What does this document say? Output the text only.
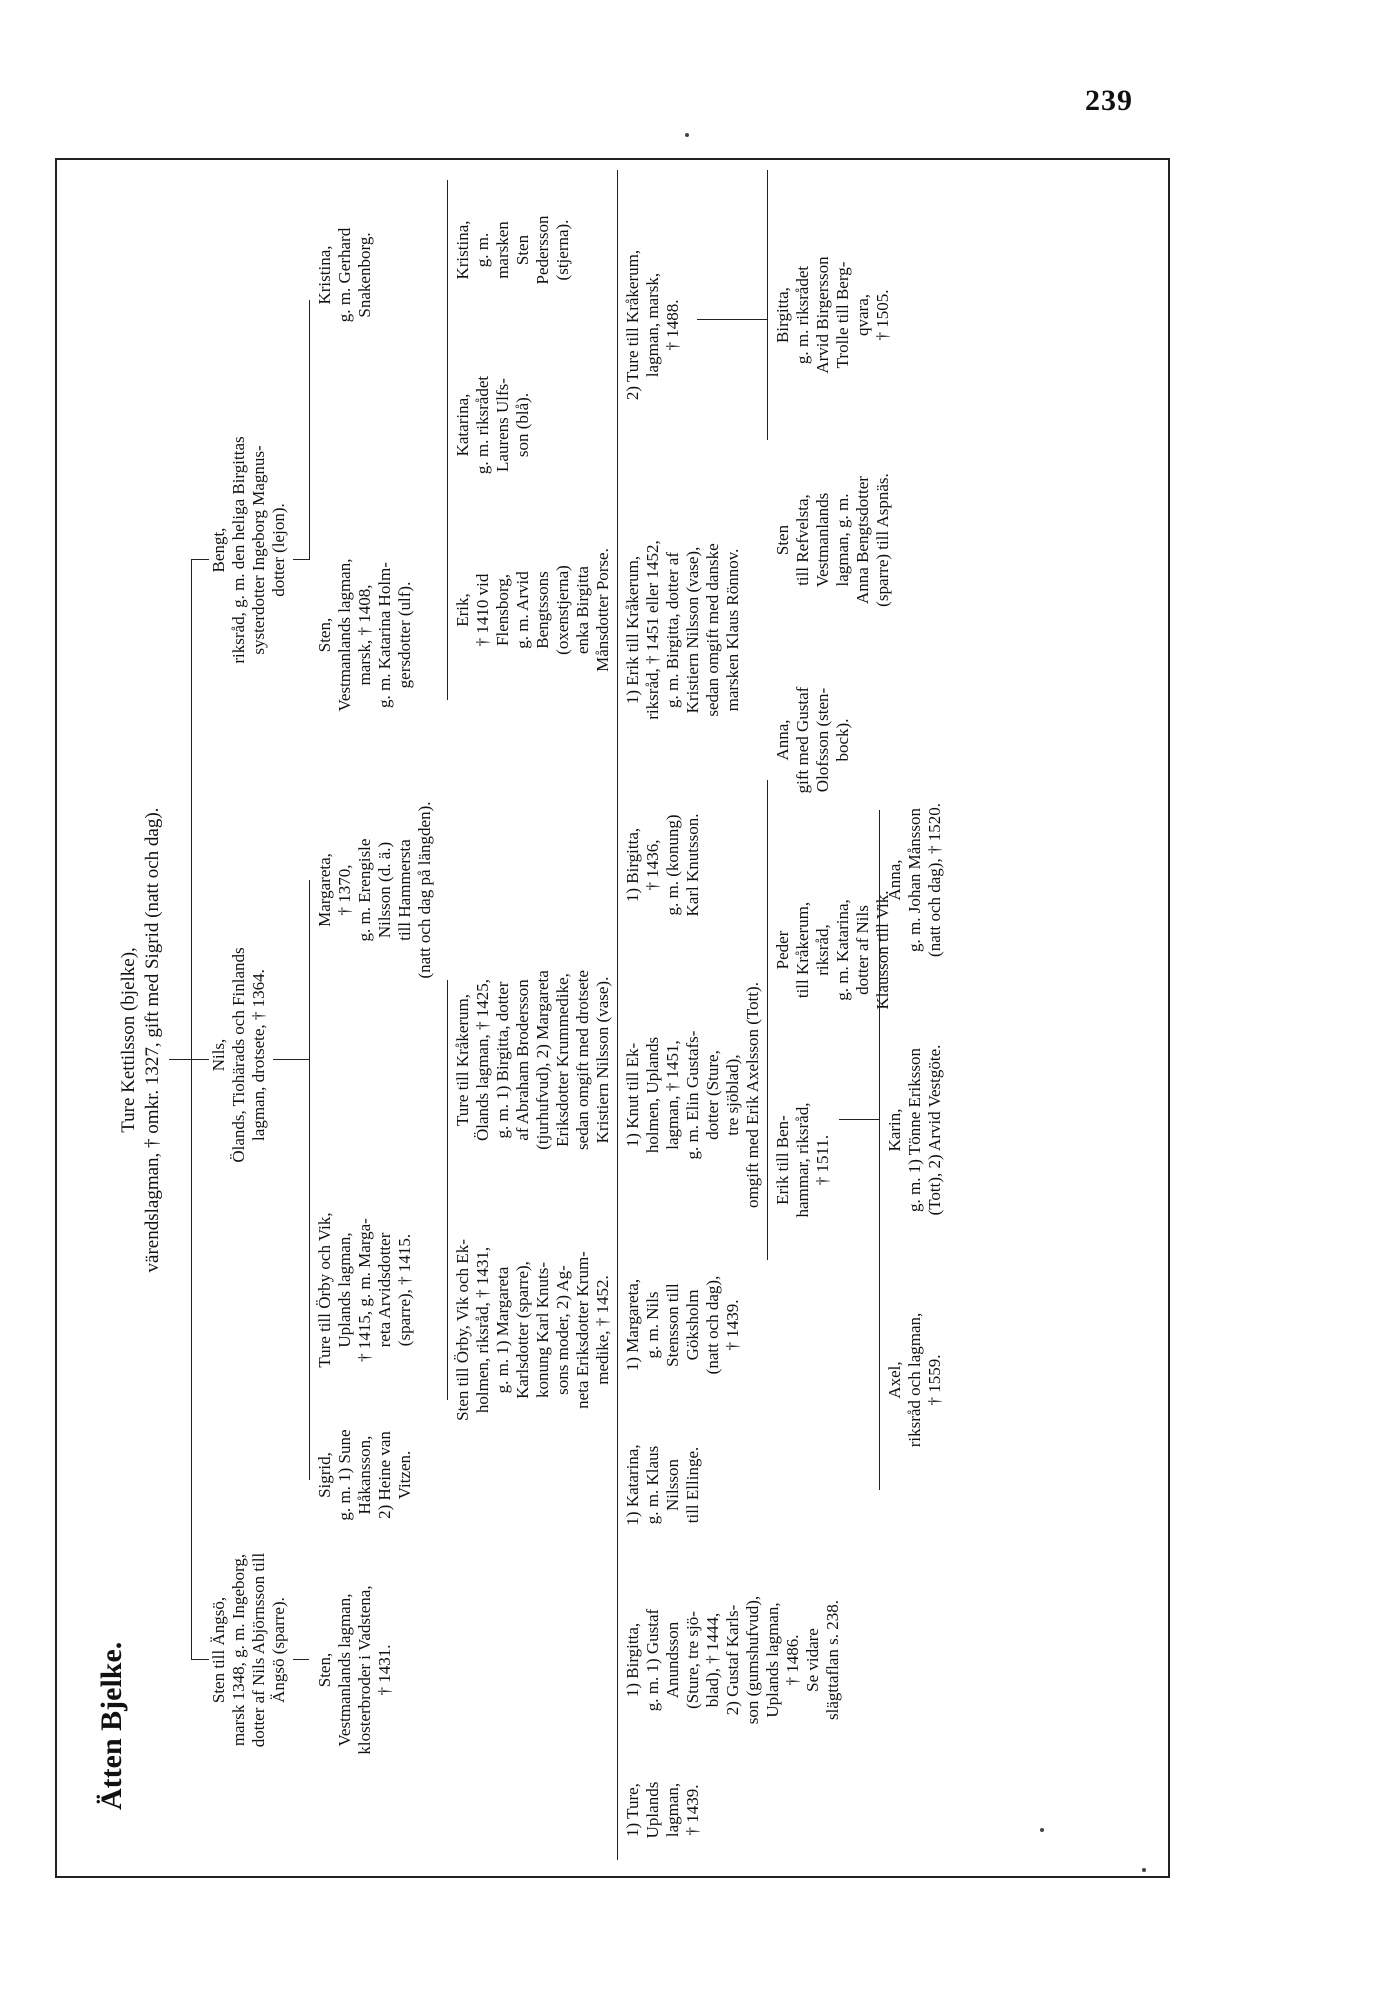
239
Ätten Bjelke.
Ture Kettilsson (bjelke),
värendslagman, † omkr. 1327, gift med Sigrid (natt och dag).
Sten till Ängsö,
marsk 1348, g. m. Ingeborg,
dotter af Nils Abjörnsson till
Ängsö (sparre).
Nils,
Ölands, Tiohärads och Finlands
lagman, drotsete, † 1364.
Bengt,
riksråd, g. m. den heliga Birgittas
systerdotter Ingeborg Magnus-
dotter (lejon).
Sten,
Vestmanlands lagman,
klosterbroder i Vadstena,
† 1431.
Sigrid,
g. m. 1) Sune
Håkansson,
2) Heine van
Vitzen.
Ture till Örby och Vik,
Uplands lagman,
† 1415, g. m. Marga-
reta Arvidsdotter
(sparre), † 1415.
Margareta,
† 1370,
g. m. Erengisle
Nilsson (d. ä.)
till Hammersta
(natt och dag på längden).
Sten,
Vestmanlands lagman,
marsk, † 1408,
g. m. Katarina Holm-
gersdotter (ulf).
Kristina,
g. m. Gerhard
Snakenborg.
Sten till Örby, Vik och Ek-
holmen, riksråd, † 1431,
g. m. 1) Margareta
Karlsdotter (sparre),
konung Karl Knuts-
sons moder, 2) Ag-
neta Eriksdotter Krum-
medike, † 1452.
Ture till Kråkerum,
Ölands lagman, † 1425,
g. m. 1) Birgitta, dotter
af Abraham Brodersson
(tjurhufvud), 2) Margareta
Eriksdotter Krummedike,
sedan omgift med drotsete
Kristiern Nilsson (vase).
Erik,
† 1410 vid
Flensborg,
g. m. Arvid
Bengtssons
(oxenstjerna)
enka Birgitta
Månsdotter Porse.
Katarina,
g. m. riksrådet
Laurens Ulfs-
son (blå).
Kristina,
g. m.
marsken
Sten
Pedersson
(stjerna).
1) Ture,
Uplands
lagman,
† 1439.
1) Birgitta,
g. m. 1) Gustaf
Anundsson
(Sture, tre sjö-
blad), † 1444,
2) Gustaf Karls-
son (gumshufvud),
Uplands lagman,
† 1486.
Se vidare
slägttaflan s. 238.
1) Katarina,
g. m. Klaus
Nilsson
till Ellinge.
1) Margareta,
g. m. Nils
Stensson till
Göksholm
(natt och dag),
† 1439.
1) Knut till Ek-
holmen, Uplands
lagman, † 1451,
g. m. Elin Gustafs-
dotter (Sture,
tre sjöblad),
omgift med Erik Axelsson (Tott).
1) Birgitta,
† 1436,
g. m. (konung)
Karl Knutsson.
1) Erik till Kråkerum,
riksråd, † 1451 eller 1452,
g. m. Birgitta, dotter af
Kristiern Nilsson (vase),
sedan omgift med danske
marsken Klaus Rönnov.
2) Ture till Kråkerum,
lagman, marsk,
† 1488.
Erik till Ben-
hammar, riksråd,
† 1511.
Peder
till Kråkerum,
riksråd,
g. m. Katarina,
dotter af Nils
Klausson till Vik.
Anna,
gift med Gustaf
Olofsson (sten-
bock).
Sten
till Refvelsta,
Vestmanlands
lagman, g. m.
Anna Bengtsdotter
(sparre) till Aspnäs.
Birgitta,
g. m. riksrådet
Arvid Birgersson
Trolle till Berg-
qvara,
† 1505.
Axel,
riksråd och lagman,
† 1559.
Karin,
g. m. 1) Tönne Eriksson
(Tott), 2) Arvid Vestgöte.
Anna,
g. m. Johan Månsson
(natt och dag), † 1520.
